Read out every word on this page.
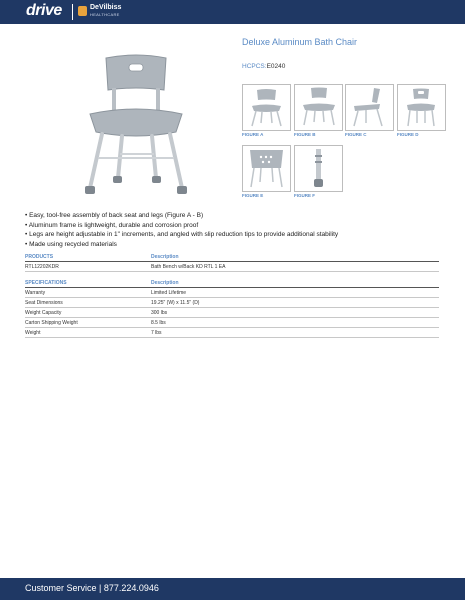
drive	DeVilbiss
HEALTHCARE
Deluxe Aluminum Bath Chair
HCPCS:E0240
FIGURE A	FIGURE B	FIGURE C	FIGURE D
FIGURE E	FIGURE F
• Easy, tool-free assembly of back seat and legs (Figure A - B)
• Aluminum frame is lightweight, durable and corrosion proof
• Legs are height adjustable in 1" increments, and angled with slip reduction tips to provide additional stability
• Made using recycled materials
PRODUCTS	Description
RTL12202KDR	Bath Bench w/Back KD RTL 1 EA
SPECIFICATIONS	Description
Warranty	Limited Lifetime
Seat Dimensions	19.25" (W) x 11.5" (D)
Weight Capacity	300 lbs
Carton Shipping Weight	8.5 lbs
Weight	7 lbs
Customer Service | 877.224.0946
